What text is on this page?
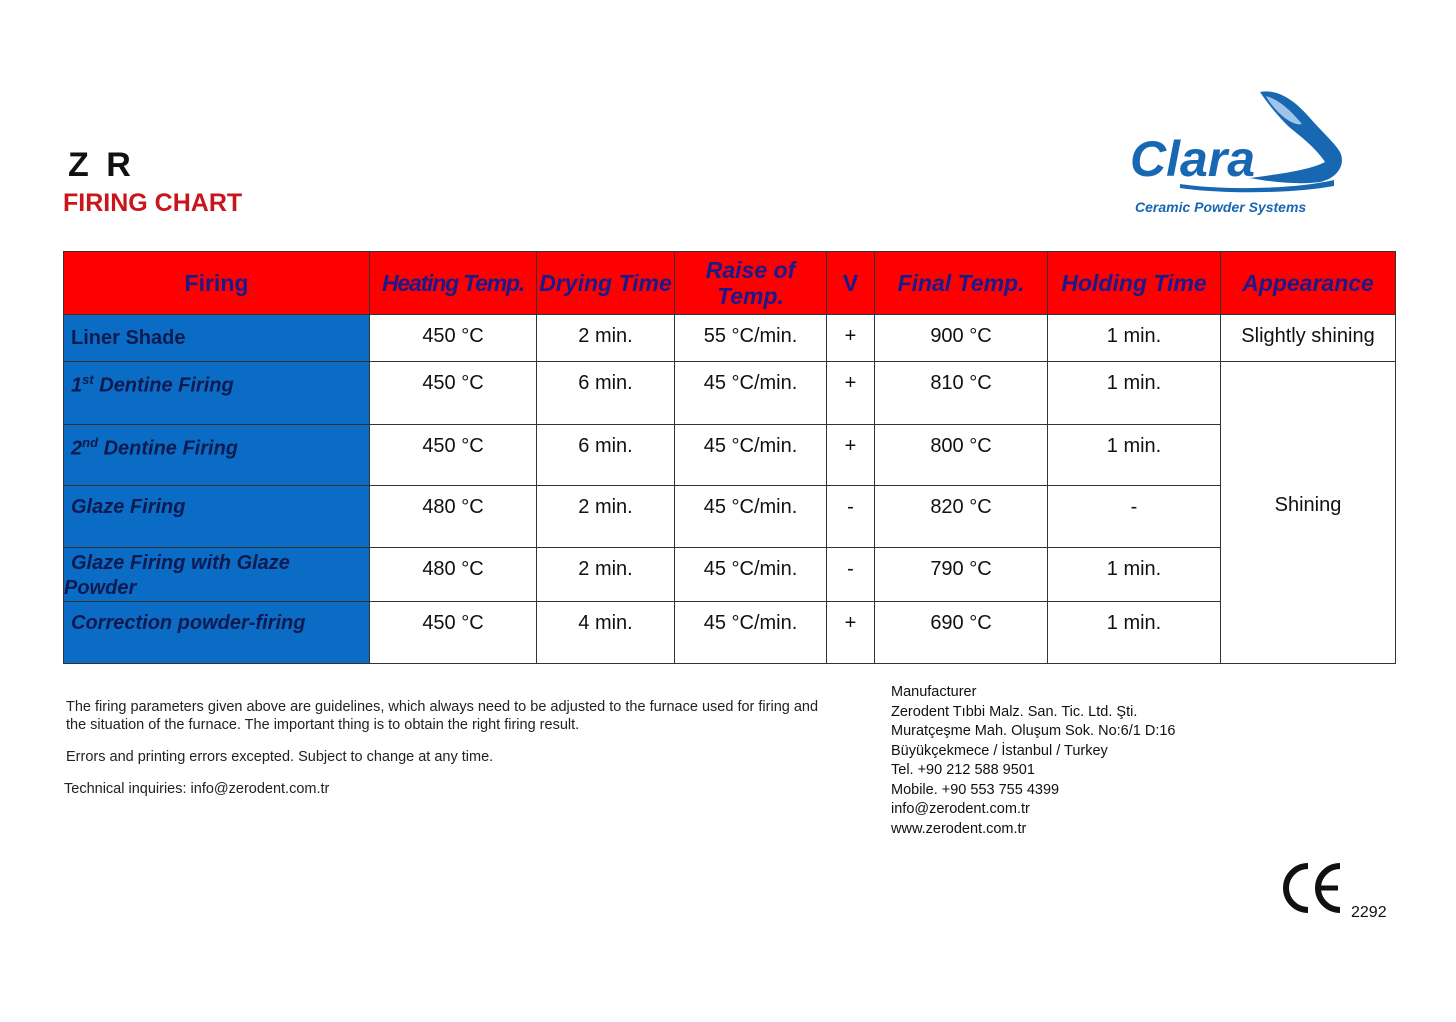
Z R
FIRING CHART
Clara
Ceramic Powder Systems
Firing	Heating Temp.	Drying Time	Raise of Temp.	V	Final Temp.	Holding Time	Appearance
Liner Shade	450 °C	2 min.	55 °C/min.	+	900 °C	1 min.	Slightly shining
1st Dentine Firing	450 °C	6 min.	45 °C/min.	+	810 °C	1 min.	Shining
2nd Dentine Firing	450 °C	6 min.	45 °C/min.	+	800 °C	1 min.	
Glaze Firing	480 °C	2 min.	45 °C/min.	-	820 °C	-	
Glaze Firing with Glaze
Powder	480 °C	2 min.	45 °C/min.	-	790 °C	1 min.	
Correction powder-firing	450 °C	4 min.	45 °C/min.	+	690 °C	1 min.	

The firing parameters given above are guidelines, which always need to be adjusted to the furnace used for firing and the situation of the furnace. The important thing is to obtain the right firing result.

Errors and printing errors excepted. Subject to change at any time.

Technical inquiries: info@zerodent.com.tr

Manufacturer
Zerodent Tıbbi Malz. San. Tic. Ltd. Şti.
Muratçeşme Mah. Oluşum Sok. No:6/1 D:16
Büyükçekmece / İstanbul / Turkey
Tel. +90 212 588 9501
Mobile. +90 553 755 4399
info@zerodent.com.tr
www.zerodent.com.tr
2292
